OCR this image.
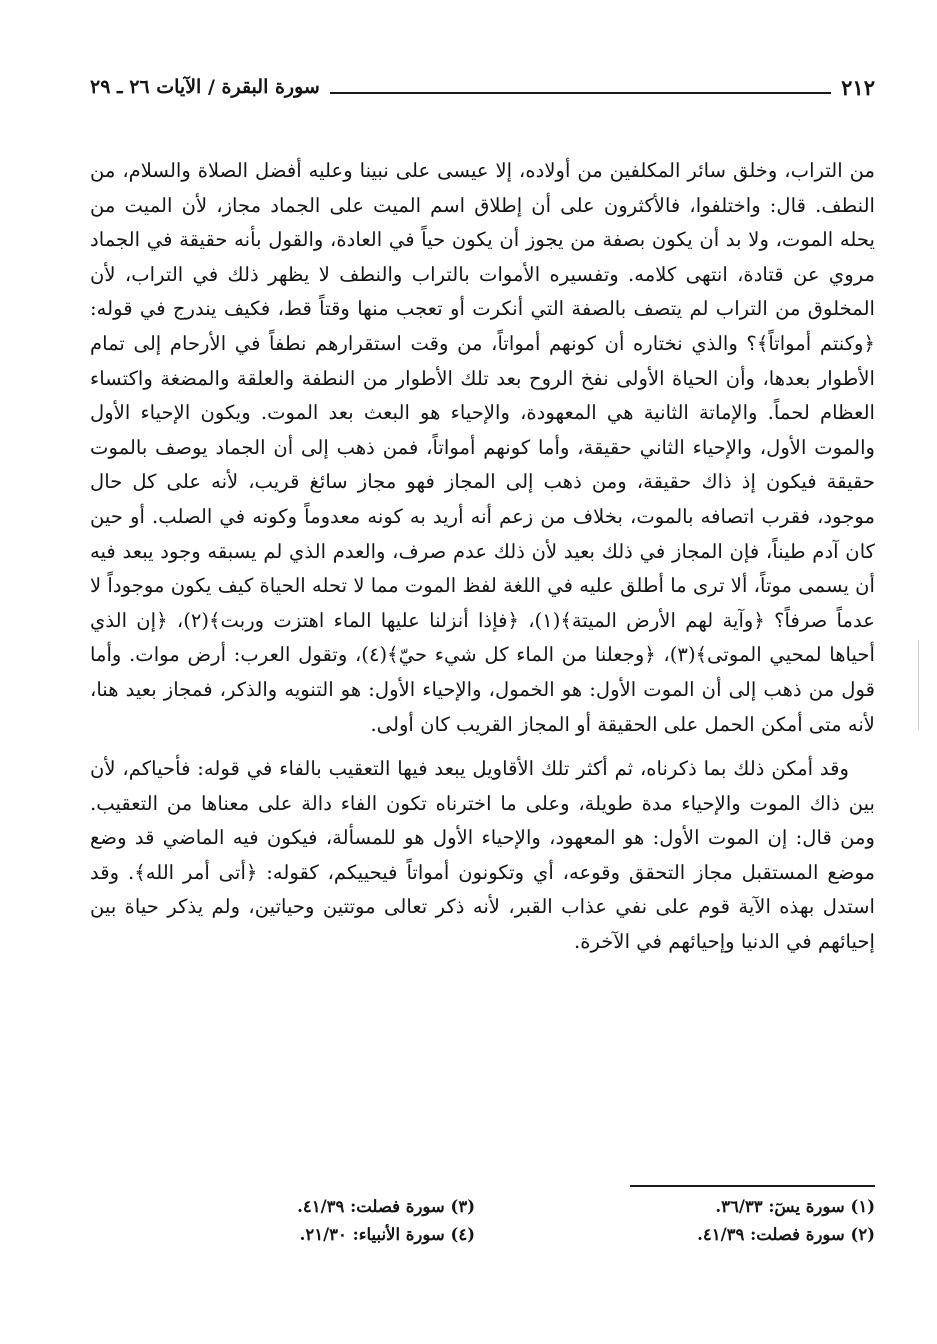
٢١٢
سورة البقرة / الآيات ٢٦ ـ ٢٩

من التراب، وخلق سائر المكلفين من أولاده، إلا عيسى على نبينا وعليه أفضل الصلاة والسلام، من النطف. قال: واختلفوا، فالأكثرون على أن إطلاق اسم الميت على الجماد مجاز، لأن الميت من يحله الموت، ولا بد أن يكون بصفة من يجوز أن يكون حياً في العادة، والقول بأنه حقيقة في الجماد مروي عن قتادة، انتهى كلامه. وتفسيره الأموات بالتراب والنطف لا يظهر ذلك في التراب، لأن المخلوق من التراب لم يتصف بالصفة التي أنكرت أو تعجب منها وقتاً قط، فكيف يندرج في قوله: ﴿وكنتم أمواتاً﴾؟ والذي نختاره أن كونهم أمواتاً، من وقت استقرارهم نطفاً في الأرحام إلى تمام الأطوار بعدها، وأن الحياة الأولى نفخ الروح بعد تلك الأطوار من النطفة والعلقة والمضغة واكتساء العظام لحماً. والإماتة الثانية هي المعهودة، والإحياء هو البعث بعد الموت. ويكون الإحياء الأول والموت الأول، والإحياء الثاني حقيقة، وأما كونهم أمواتاً، فمن ذهب إلى أن الجماد يوصف بالموت حقيقة فيكون إذ ذاك حقيقة، ومن ذهب إلى المجاز فهو مجاز سائغ قريب، لأنه على كل حال موجود، فقرب اتصافه بالموت، بخلاف من زعم أنه أريد به كونه معدوماً وكونه في الصلب. أو حين كان آدم طيناً، فإن المجاز في ذلك بعيد لأن ذلك عدم صرف، والعدم الذي لم يسبقه وجود يبعد فيه أن يسمى موتاً، ألا ترى ما أطلق عليه في اللغة لفظ الموت مما لا تحله الحياة كيف يكون موجوداً لا عدماً صرفاً؟ ﴿وآية لهم الأرض الميتة﴾(١)، ﴿فإذا أنزلنا عليها الماء اهتزت وربت﴾(٢)، ﴿إن الذي أحياها لمحيي الموتى﴾(٣)، ﴿وجعلنا من الماء كل شيء حيّ﴾(٤)، وتقول العرب: أرض موات. وأما قول من ذهب إلى أن الموت الأول: هو الخمول، والإحياء الأول: هو التنويه والذكر، فمجاز بعيد هنا، لأنه متى أمكن الحمل على الحقيقة أو المجاز القريب كان أولى.

وقد أمكن ذلك بما ذكرناه، ثم أكثر تلك الأقاويل يبعد فيها التعقيب بالفاء في قوله: فأحياكم، لأن بين ذاك الموت والإحياء مدة طويلة، وعلى ما اخترناه تكون الفاء دالة على معناها من التعقيب. ومن قال: إن الموت الأول: هو المعهود، والإحياء الأول هو للمسألة، فيكون فيه الماضي قد وضع موضع المستقبل مجاز التحقق وقوعه، أي وتكونون أمواتاً فيحييكم، كقوله: ﴿أتى أمر الله﴾. وقد استدل بهذه الآية قوم على نفي عذاب القبر، لأنه ذكر تعالى موتتين وحياتين، ولم يذكر حياة بين إحيائهم في الدنيا وإحيائهم في الآخرة.

(١) سورة يسٓ: ٣٦/٣٣.
(٣) سورة فصلت: ٤١/٣٩.
(٢) سورة فصلت: ٤١/٣٩.
(٤) سورة الأنبياء: ٢١/٣٠.
